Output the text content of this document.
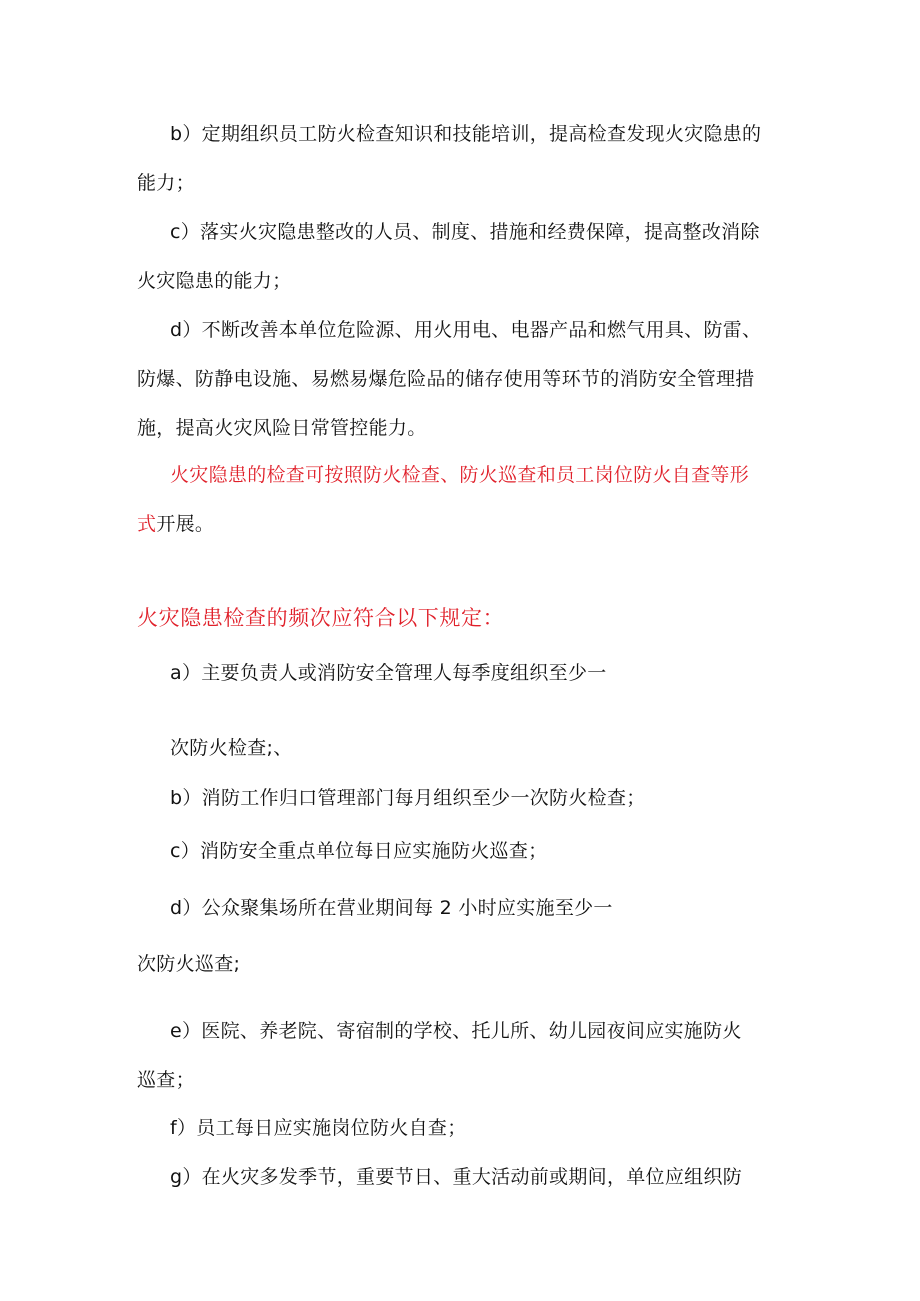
b）定期组织员工防火检查知识和技能培训，提高检查发现火灾隐患的
能力；
c）落实火灾隐患整改的人员、制度、措施和经费保障，提高整改消除
火灾隐患的能力；
d）不断改善本单位危险源、用火用电、电器产品和燃气用具、防雷、
防爆、防静电设施、易燃易爆危险品的储存使用等环节的消防安全管理措
施，提高火灾风险日常管控能力。
火灾隐患的检查可按照防火检查、防火巡查和员工岗位防火自查等形
式开展。
火灾隐患检查的频次应符合以下规定：
a）主要负责人或消防安全管理人每季度组织至少一
次防火检查;、
b）消防工作归口管理部门每月组织至少一次防火检查；
c）消防安全重点单位每日应实施防火巡查；
d）公众聚集场所在营业期间每 2 小时应实施至少一
次防火巡查;
e）医院、养老院、寄宿制的学校、托儿所、幼儿园夜间应实施防火
巡查；
f）员工每日应实施岗位防火自查；
g）在火灾多发季节，重要节日、重大活动前或期间，单位应组织防
